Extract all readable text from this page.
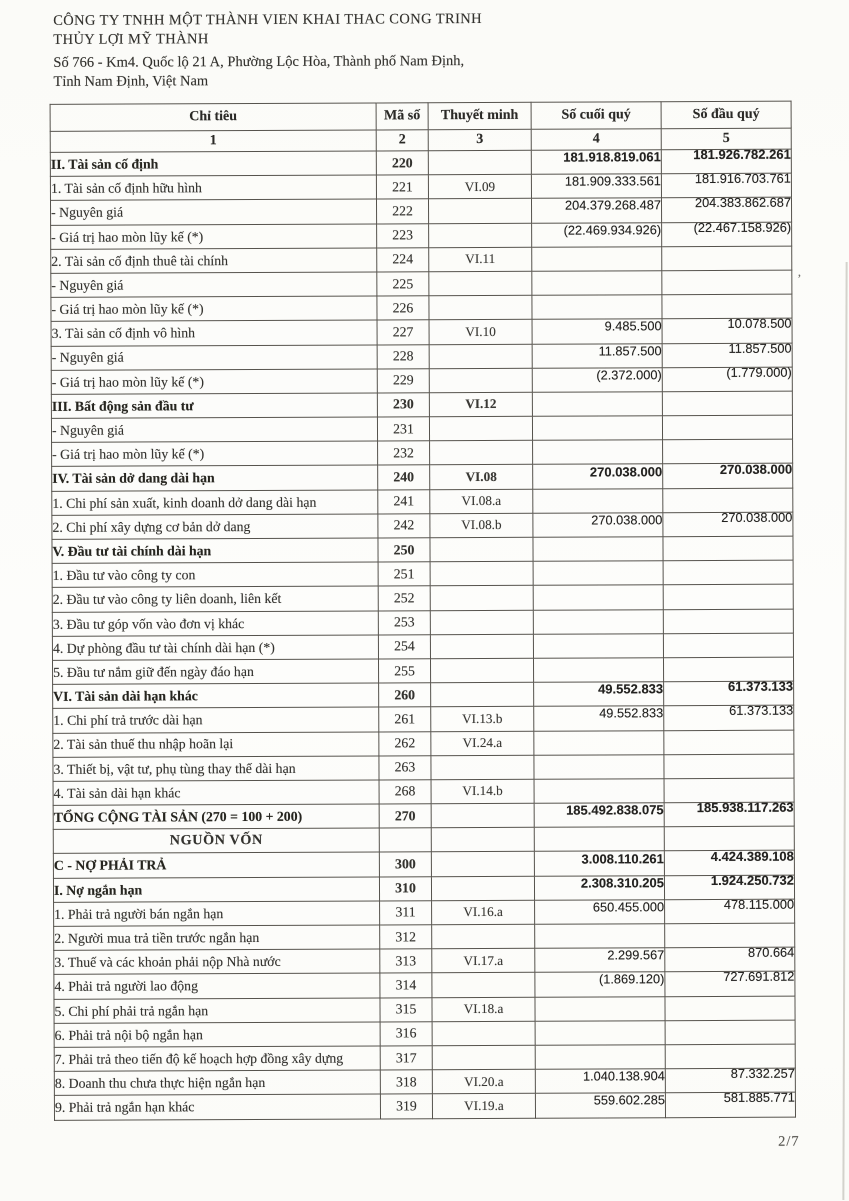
CÔNG TY TNHH MỘT THÀNH VIEN KHAI THAC CONG TRINH
THỦY LỢI MỸ THÀNH
Số 766 - Km4. Quốc lộ 21 A, Phường Lộc Hòa, Thành phố Nam Định,
Tỉnh Nam Định, Việt Nam
Chỉ tiêu	Mã số	Thuyết minh	Số cuối quý	Số đầu quý
1	2	3	4	5
II. Tài sản cố định	220		181.918.819.061	181.926.782.261
1. Tài sản cố định hữu hình	221	VI.09	181.909.333.561	181.916.703.761
- Nguyên giá	222		204.379.268.487	204.383.862.687
- Giá trị hao mòn lũy kế (*)	223		(22.469.934.926)	(22.467.158.926)
2. Tài sản cố định thuê tài chính	224	VI.11		
- Nguyên giá	225			
- Giá trị hao mòn lũy kế (*)	226			
3. Tài sản cố định vô hình	227	VI.10	9.485.500	10.078.500
- Nguyên giá	228		11.857.500	11.857.500
- Giá trị hao mòn lũy kế (*)	229		(2.372.000)	(1.779.000)
III. Bất động sản đầu tư	230	VI.12		
- Nguyên giá	231			
- Giá trị hao mòn lũy kế (*)	232			
IV. Tài sản dở dang dài hạn	240	VI.08	270.038.000	270.038.000
1. Chi phí sản xuất, kinh doanh dở dang dài hạn	241	VI.08.a		
2. Chi phí xây dựng cơ bản dở dang	242	VI.08.b	270.038.000	270.038.000
V. Đầu tư tài chính dài hạn	250			
1. Đầu tư vào công ty con	251			
2. Đầu tư vào công ty liên doanh, liên kết	252			
3. Đầu tư góp vốn vào đơn vị khác	253			
4. Dự phòng đầu tư tài chính dài hạn (*)	254			
5. Đầu tư nắm giữ đến ngày đáo hạn	255			
VI. Tài sản dài hạn khác	260		49.552.833	61.373.133
1. Chi phí trả trước dài hạn	261	VI.13.b	49.552.833	61.373.133
2. Tài sản thuế thu nhập hoãn lại	262	VI.24.a		
3. Thiết bị, vật tư, phụ tùng thay thế dài hạn	263			
4. Tài sản dài hạn khác	268	VI.14.b		
TỔNG CỘNG TÀI SẢN (270 = 100 + 200)	270		185.492.838.075	185.938.117.263
NGUỒN VỐN				
C - NỢ PHẢI TRẢ	300		3.008.110.261	4.424.389.108
I. Nợ ngắn hạn	310		2.308.310.205	1.924.250.732
1. Phải trả người bán ngắn hạn	311	VI.16.a	650.455.000	478.115.000
2. Người mua trả tiền trước ngắn hạn	312			
3. Thuế và các khoản phải nộp Nhà nước	313	VI.17.a	2.299.567	870.664
4. Phải trả người lao động	314		(1.869.120)	727.691.812
5. Chi phí phải trả ngắn hạn	315	VI.18.a		
6. Phải trả nội bộ ngắn hạn	316			
7. Phải trả theo tiến độ kế hoạch hợp đồng xây dựng	317			
8. Doanh thu chưa thực hiện ngắn hạn	318	VI.20.a	1.040.138.904	87.332.257
9. Phải trả ngắn hạn khác	319	VI.19.a	559.602.285	581.885.771
2/7
’
